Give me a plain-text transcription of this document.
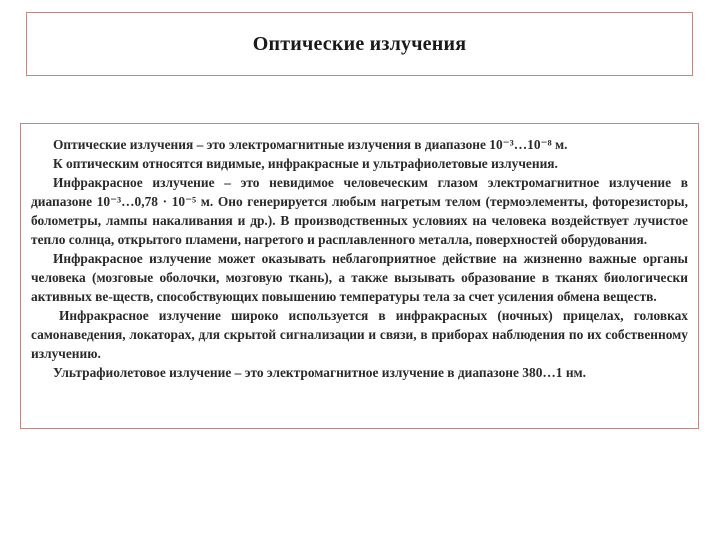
Оптические излучения

Оптические излучения – это электромагнитные излучения в диапазоне 10⁻³…10⁻⁸ м.

К оптическим относятся видимые, инфракрасные и ультрафиолетовые излучения.

Инфракрасное излучение – это невидимое человеческим глазом электромагнитное излучение в диапазоне 10⁻³…0,78 · 10⁻⁵ м. Оно генерируется любым нагретым телом (термоэлементы, фоторезисторы, болометры, лампы накаливания и др.). В производственных условиях на человека воздействует лучистое тепло солнца, открытого пламени, нагретого и расплавленного металла, поверхностей оборудования.

Инфракрасное излучение может оказывать неблагоприятное действие на жизненно важные органы человека (мозговые оболочки, мозговую ткань), а также вызывать образование в тканях биологически активных ве-ществ, способствующих повышению температуры тела за счет усиления обмена веществ.

Инфракрасное излучение широко используется в инфракрасных (ночных) прицелах, головках самонаведения, локаторах, для скрытой сигнализации и связи, в приборах наблюдения по их собственному излучению.

Ультрафиолетовое излучение – это электромагнитное излучение в диапазоне 380…1 нм.
